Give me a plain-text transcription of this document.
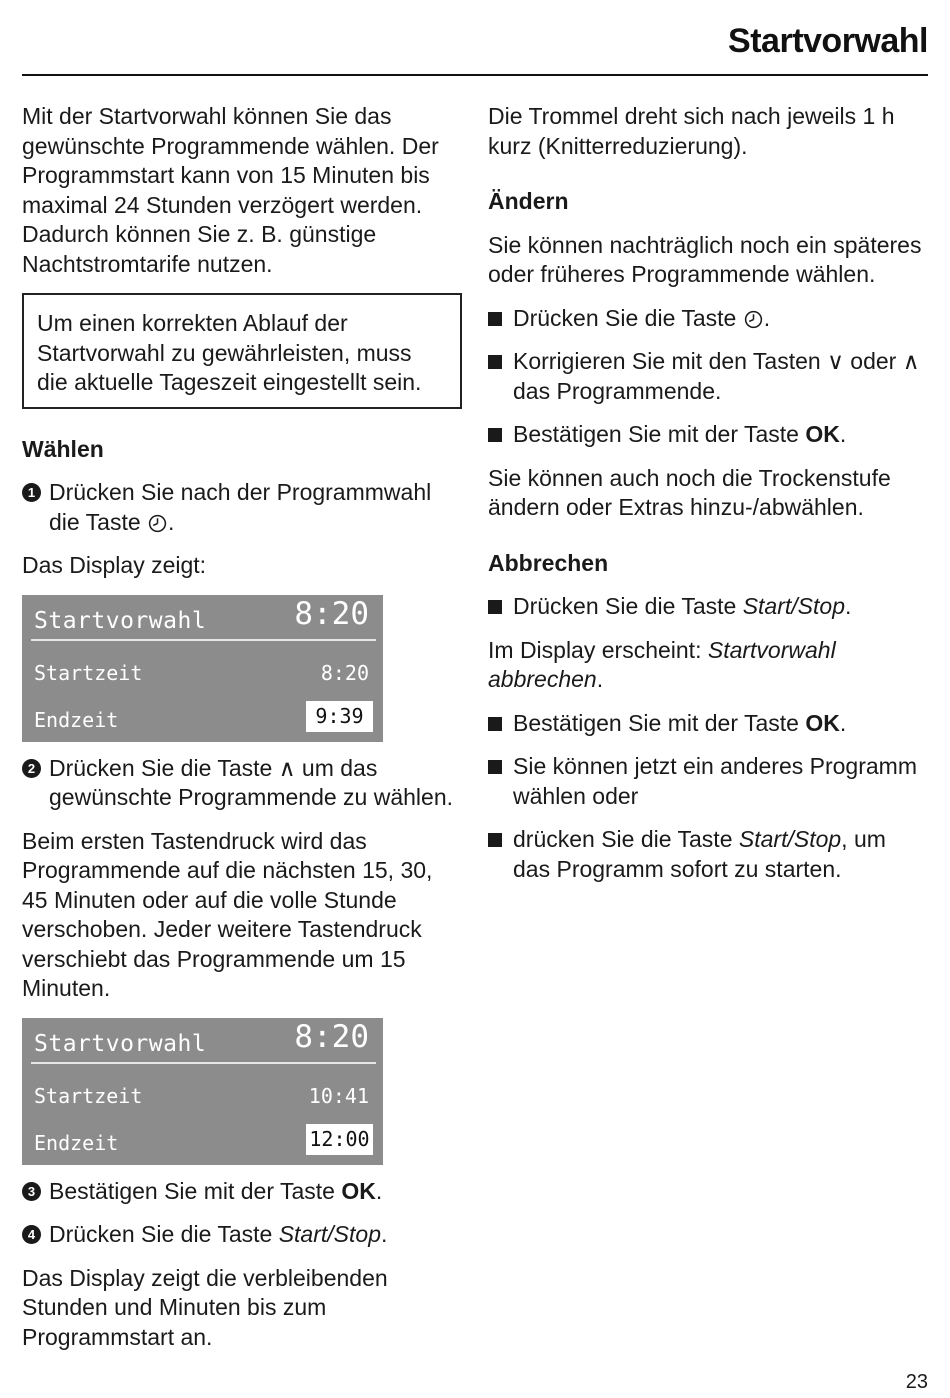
Startvorwahl

Mit der Startvorwahl können Sie das gewünschte Programmende wählen. Der Programmstart kann von 15 Minuten bis maximal 24 Stunden verzögert werden. Dadurch können Sie z. B. günstige Nachtstromtarife nutzen.

Um einen korrekten Ablauf der Startvorwahl zu gewährleisten, muss die aktuelle Tageszeit eingestellt sein.
Wählen
1 Drücken Sie nach der Programmwahl die Taste .

Das Display zeigt:

Startvorwahl	8:20
Startzeit	8:20
Endzeit	9:39
2 Drücken Sie die Taste ∧ um das gewünschte Programmende zu wählen.

Beim ersten Tastendruck wird das Programmende auf die nächsten 15, 30, 45 Minuten oder auf die volle Stunde verschoben. Jeder weitere Tastendruck verschiebt das Programmende um 15 Minuten.

Startvorwahl	8:20
Startzeit	10:41
Endzeit	12:00
3 Bestätigen Sie mit der Taste OK.
4 Drücken Sie die Taste Start/Stop.

Das Display zeigt die verbleibenden Stunden und Minuten bis zum Programmstart an.

Die Trommel dreht sich nach jeweils 1 h kurz (Knitterreduzierung).

Ändern

Sie können nachträglich noch ein späteres oder früheres Programmende wählen.

Drücken Sie die Taste .
Korrigieren Sie mit den Tasten ∨ oder ∧ das Programmende.
Bestätigen Sie mit der Taste OK.

Sie können auch noch die Trockenstufe ändern oder Extras hinzu-/abwählen.

Abbrechen
Drücken Sie die Taste Start/Stop.

Im Display erscheint: Startvorwahl abbrechen.

Bestätigen Sie mit der Taste OK.
Sie können jetzt ein anderes Programm wählen oder
drücken Sie die Taste Start/Stop, um das Programm sofort zu starten.
23
